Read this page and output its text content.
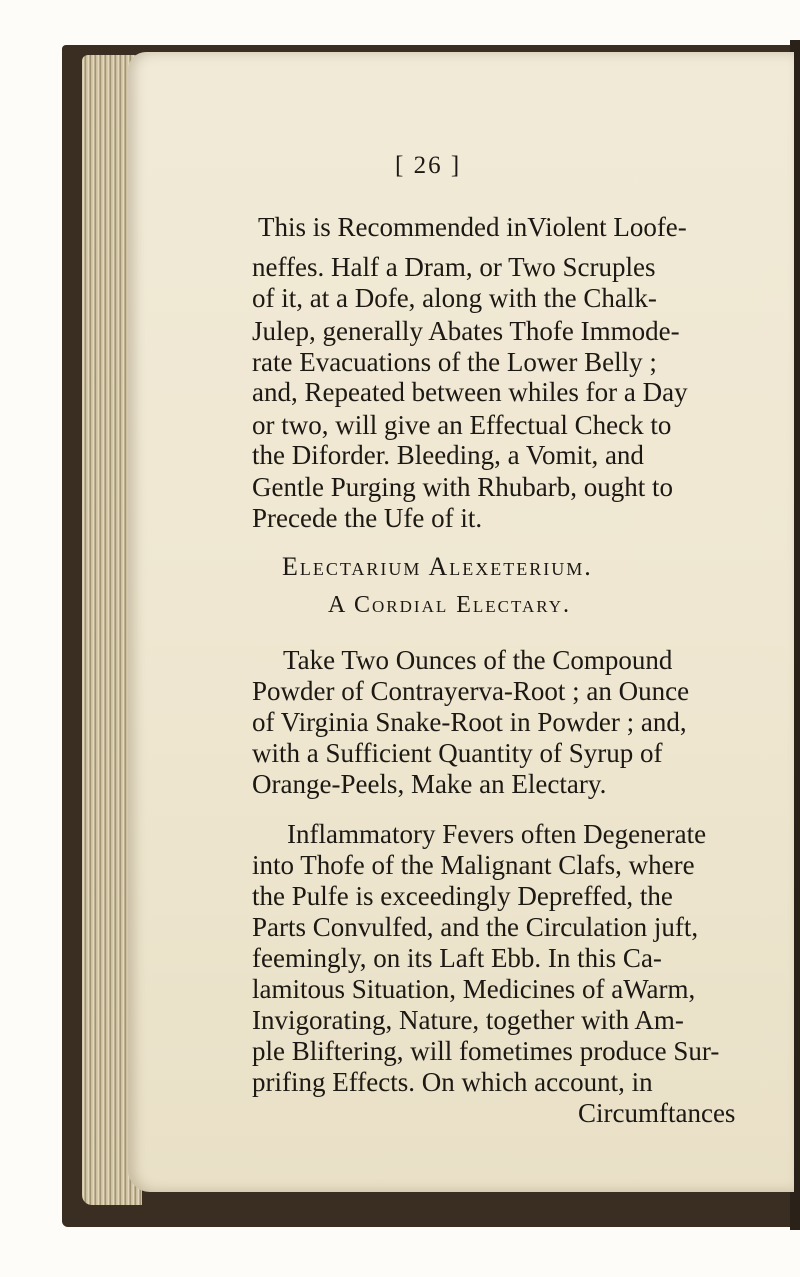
[ 26 ]
This is Recommended inViolent Loofe-
neffes. Half a Dram, or Two Scruples
of it, at a Dofe, along with the Chalk-
Julep, generally Abates Thofe Immode-
rate Evacuations of the Lower Belly ;
and, Repeated between whiles for a Day
or two, will give an Effectual Check to
the Diforder. Bleeding, a Vomit, and
Gentle Purging with Rhubarb, ought to
Precede the Ufe of it.
Electarium Alexeterium.
A Cordial Electary.
Take Two Ounces of the Compound
Powder of Contrayerva-Root ; an Ounce
of Virginia Snake-Root in Powder ; and,
with a Sufficient Quantity of Syrup of
Orange-Peels, Make an Electary.
Inflammatory Fevers often Degenerate
into Thofe of the Malignant Clafs, where
the Pulfe is exceedingly Depreffed, the
Parts Convulfed, and the Circulation juft,
feemingly, on its Laft Ebb. In this Ca-
lamitous Situation, Medicines of aWarm,
Invigorating, Nature, together with Am-
ple Bliftering, will fometimes produce Sur-
prifing Effects. On which account, in
Circumftances
